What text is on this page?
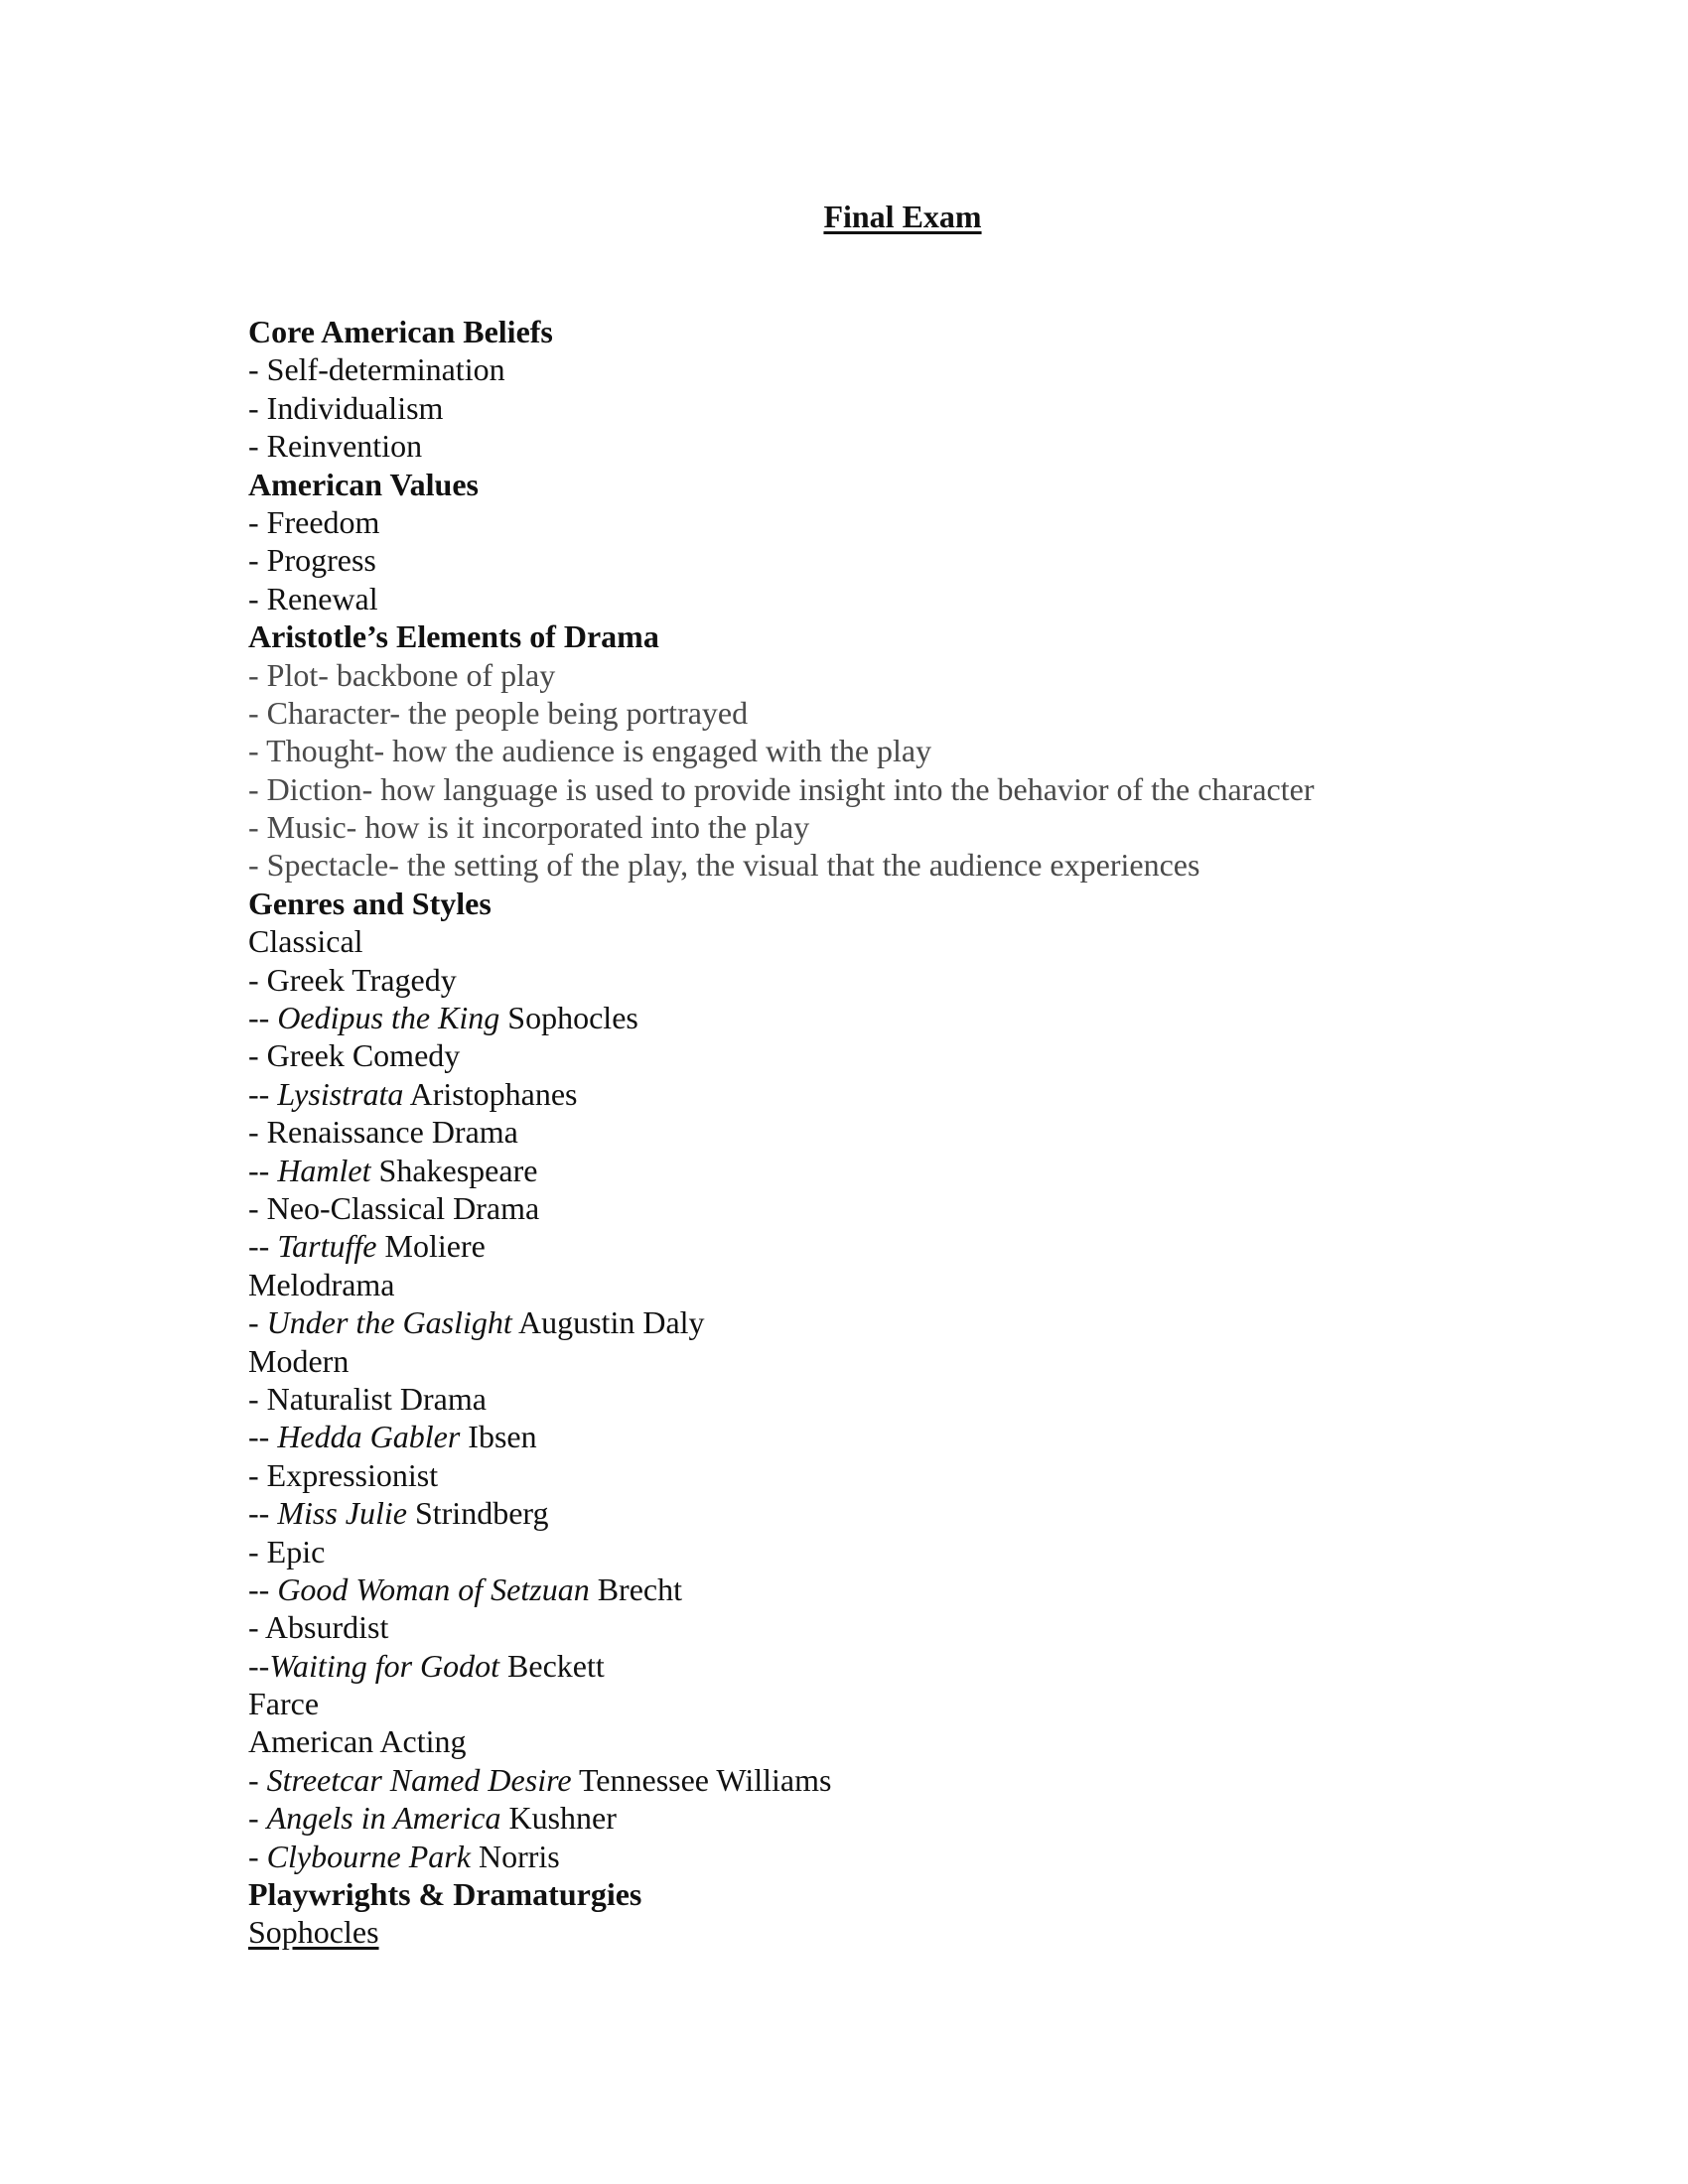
Final Exam
Core American Beliefs
- Self-determination
- Individualism
- Reinvention
American Values
- Freedom
- Progress
- Renewal
Aristotle’s Elements of Drama
- Plot- backbone of play
- Character- the people being portrayed
- Thought- how the audience is engaged with the play
- Diction- how language is used to provide insight into the behavior of the character
- Music- how is it incorporated into the play
- Spectacle- the setting of the play, the visual that the audience experiences
Genres and Styles
Classical
- Greek Tragedy
-- Oedipus the King Sophocles
- Greek Comedy
-- Lysistrata Aristophanes
- Renaissance Drama
-- Hamlet Shakespeare
- Neo-Classical Drama
-- Tartuffe Moliere
Melodrama
- Under the Gaslight Augustin Daly
Modern
- Naturalist Drama
-- Hedda Gabler Ibsen
- Expressionist
-- Miss Julie Strindberg
- Epic
-- Good Woman of Setzuan Brecht
- Absurdist
--Waiting for Godot Beckett
Farce
American Acting
- Streetcar Named Desire Tennessee Williams
- Angels in America Kushner
- Clybourne Park Norris
Playwrights & Dramaturgies
Sophocles
